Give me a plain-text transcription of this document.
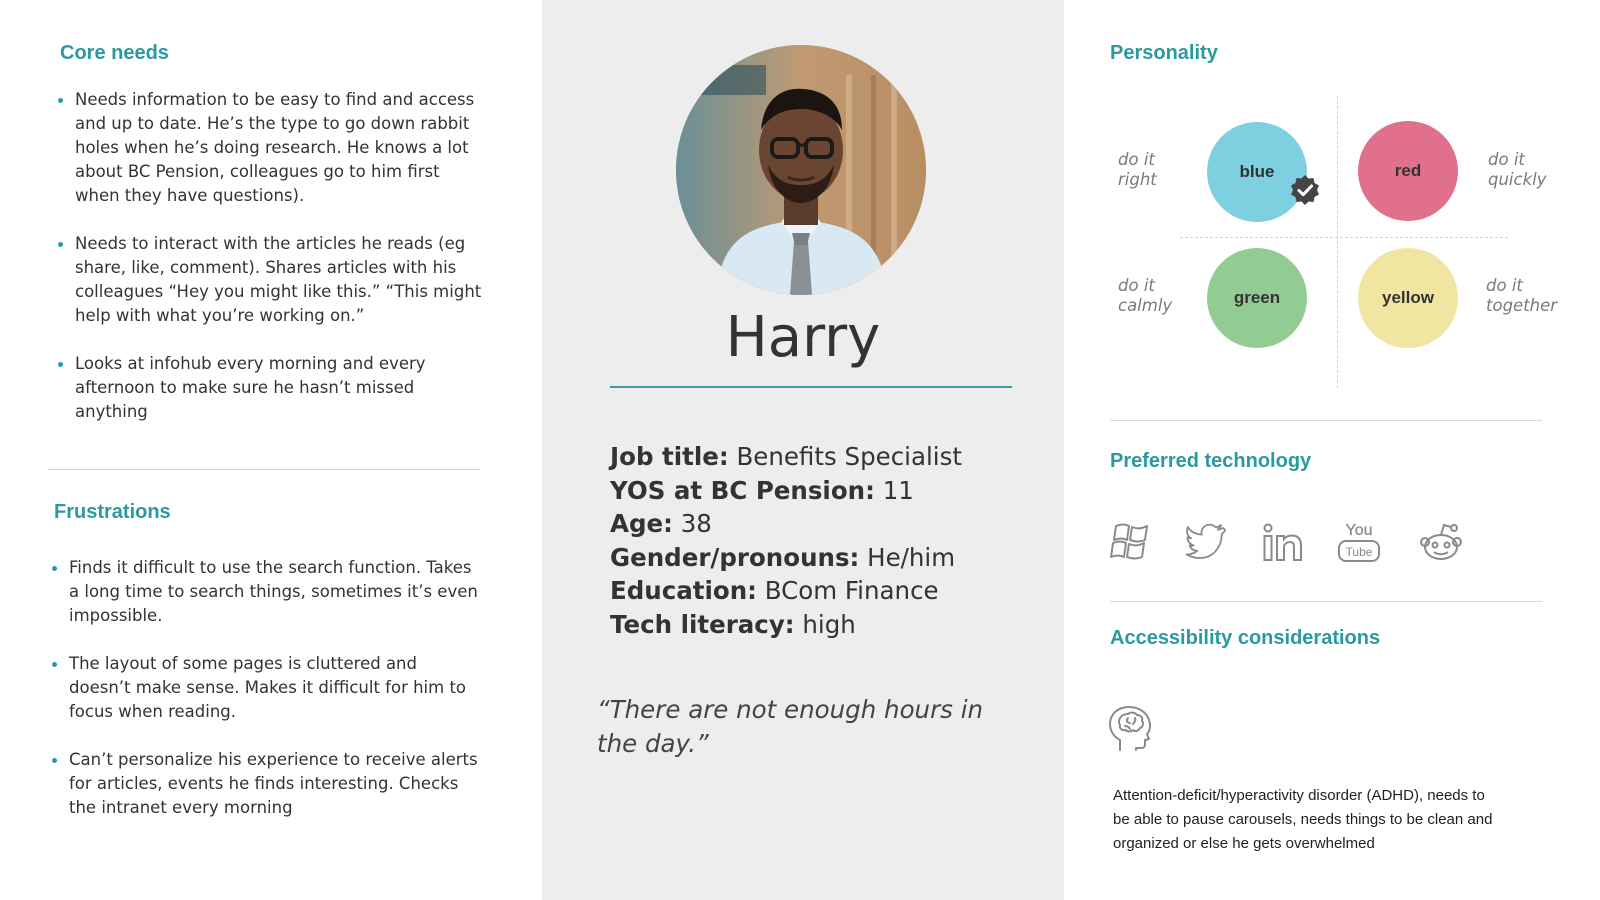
Core needs
Needs information to be easy to find and access and up to date. He’s the type to go down rabbit holes when he’s doing research. He knows a lot about BC Pension, colleagues go to him first when they have questions).
Needs to interact with the articles he reads (eg share, like, comment). Shares articles with his colleagues “Hey you might like this.” “This might help with what you’re working on.”
Looks at infohub every morning and every afternoon to make sure he hasn’t missed anything
Frustrations
Finds it difficult to use the search function. Takes a long time to search things, sometimes it’s even impossible.
The layout of some pages is cluttered and doesn’t make sense. Makes it difficult for him to focus when reading.
Can’t personalize his experience to receive alerts for articles, events he finds interesting. Checks the intranet every morning
Harry
Job title: Benefits Specialist
YOS at BC Pension: 11
Age: 38
Gender/pronouns: He/him
Education: BCom Finance
Tech literacy: high
“There are not enough hours in the day.”
Personality
do it
right	blue	red
do it
quickly
do it
calmly	green	yellow
do it
together
Preferred technology
You
Tube
Accessibility considerations
Attention-deficit/hyperactivity disorder (ADHD), needs to be able to pause carousels, needs things to be clean and organized or else he gets overwhelmed
